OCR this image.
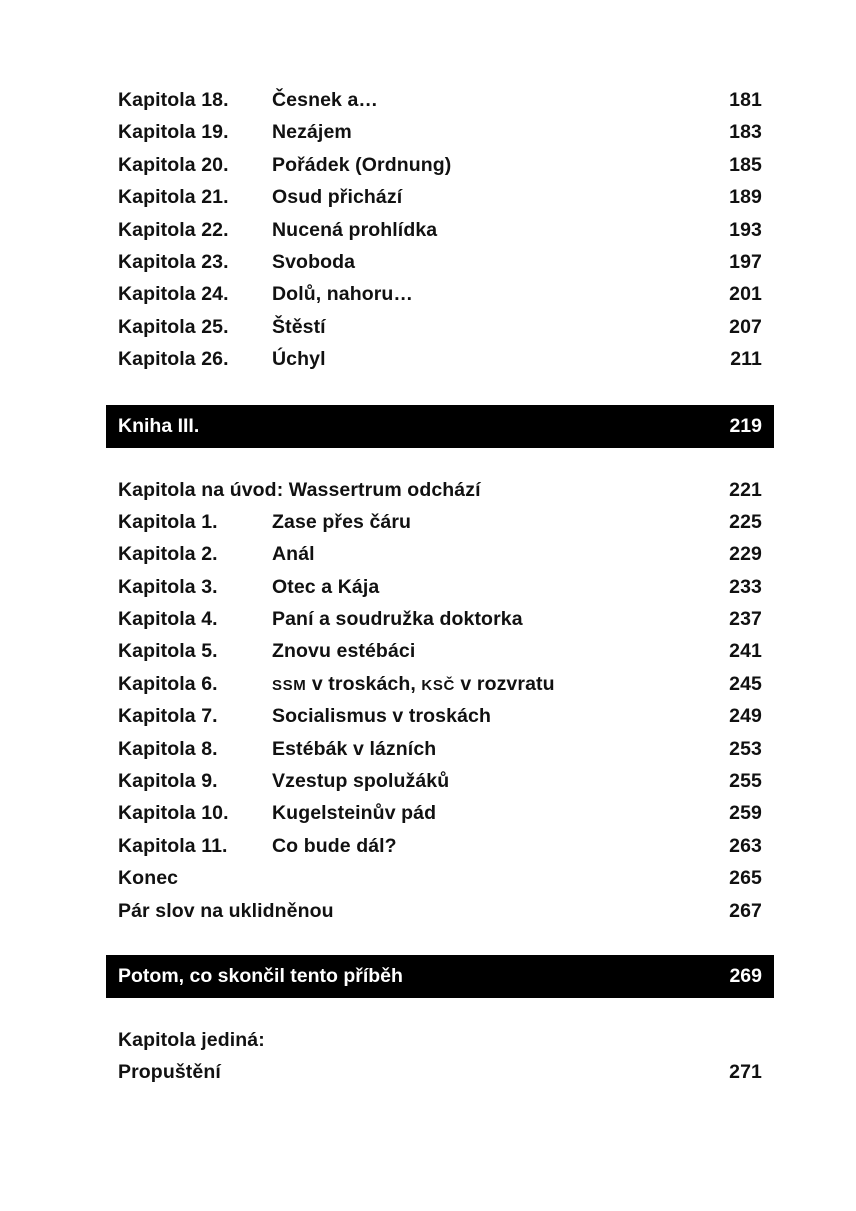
Kapitola 18. Česnek a…	181
Kapitola 19. Nezájem	183
Kapitola 20. Pořádek (Ordnung)	185
Kapitola 21. Osud přichází	189
Kapitola 22. Nucená prohlídka	193
Kapitola 23. Svoboda	197
Kapitola 24. Dolů, nahoru…	201
Kapitola 25. Štěstí	207
Kapitola 26. Úchyl	211
Kniha III.	219
Kapitola na úvod: Wassertrum odchází	221
Kapitola 1.	Zase přes čáru	225
Kapitola 2.	Anál	229
Kapitola 3.	Otec a Kája	233
Kapitola 4.	Paní a soudružka doktorka	237
Kapitola 5.	Znovu estébáci	241
Kapitola 6.	SSM v troskách, KSČ v rozvratu	245
Kapitola 7.	Socialismus v troskách	249
Kapitola 8.	Estébák v lázních	253
Kapitola 9.	Vzestup spolužáků	255
Kapitola 10. Kugelsteinův pád	259
Kapitola 11. Co bude dál?	263
Konec	265
Pár slov na uklidněnou	267
Potom, co skončil tento příběh	269
Kapitola jediná:
Propuštění	271
